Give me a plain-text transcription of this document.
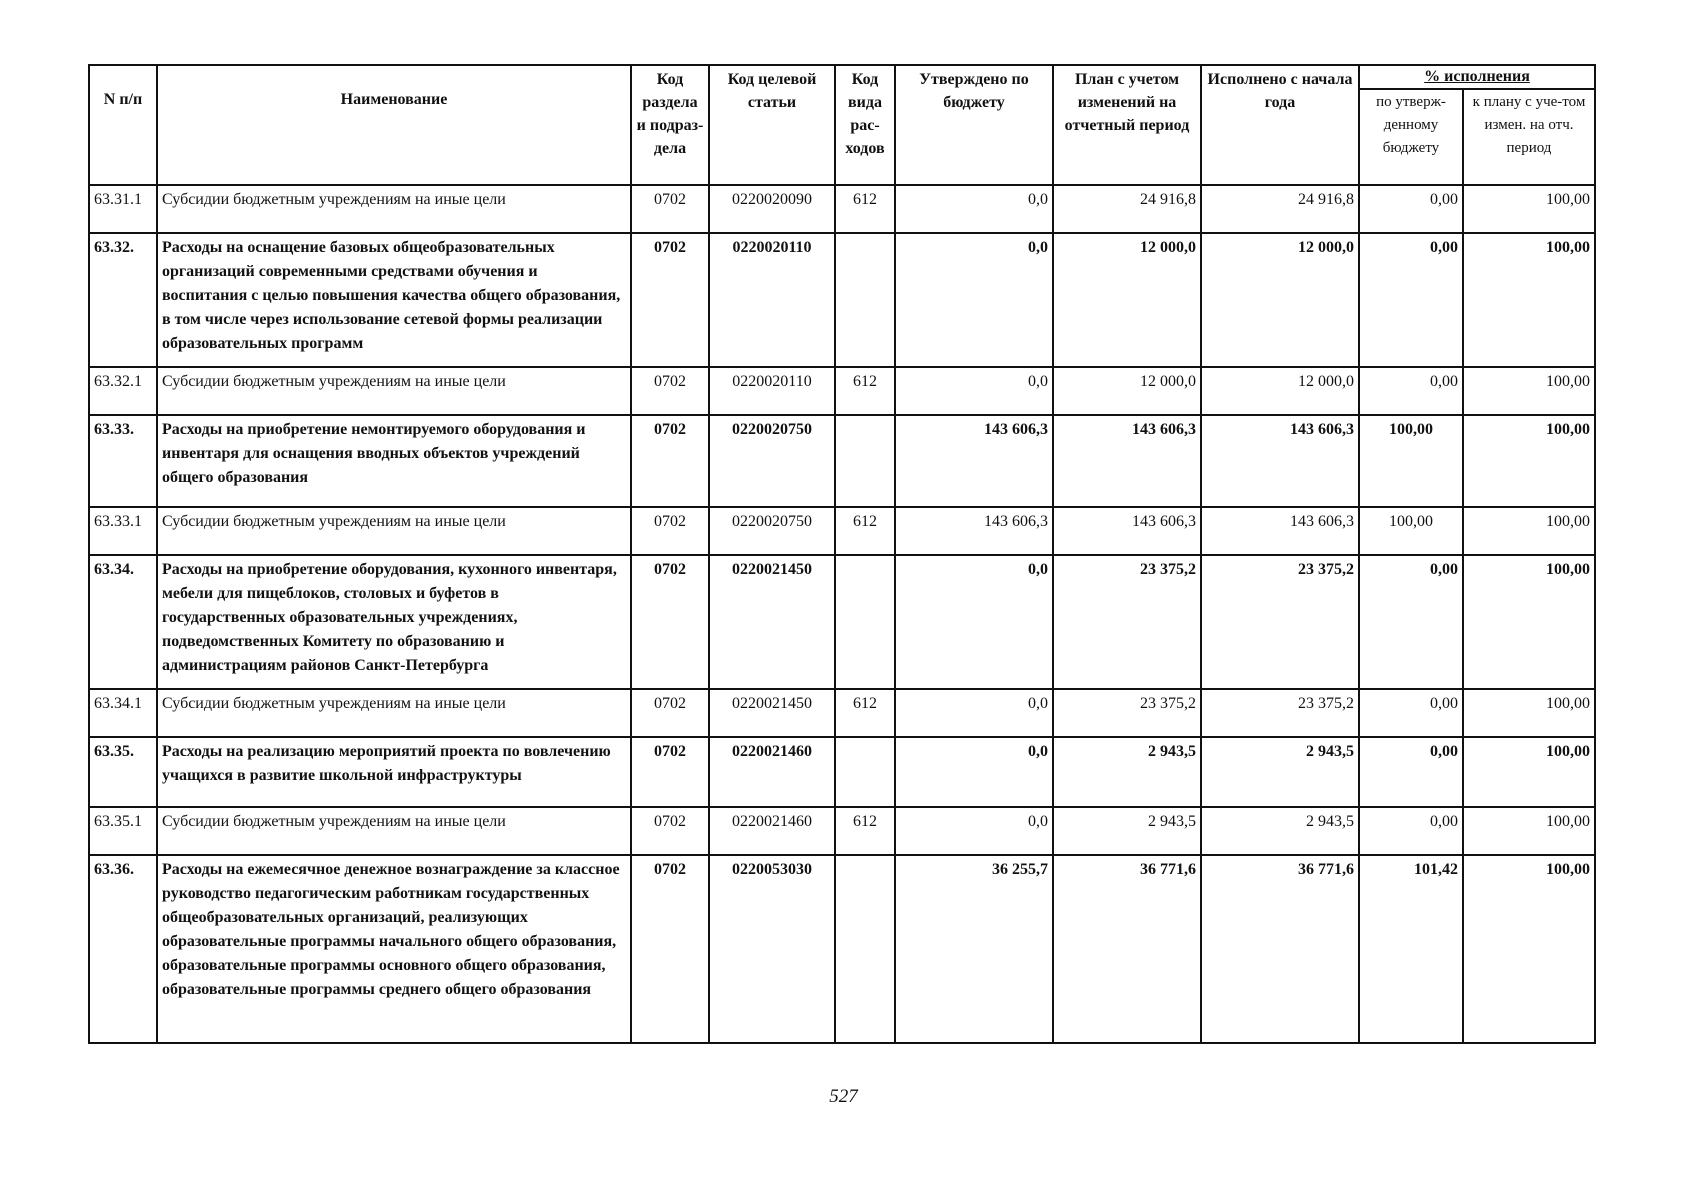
N п/п	Наименование	Код раздела и подраз-дела	Код целевой статьи	Код вида рас-ходов	Утверждено по бюджету	План с учетом изменений на отчетный период	Исполнено с начала года	% исполнения	
								по утверж-денному бюджету	к плану с уче-том измен. на отч. период
63.31.1	Субсидии бюджетным учреждениям на иные цели	0702	0220020090	612	0,0	24 916,8	24 916,8	0,00	100,00
63.32.	Расходы на оснащение базовых общеобразовательных организаций современными средствами обучения и воспитания с целью повышения качества общего образования, в том числе через использование сетевой формы реализации образовательных программ	0702	0220020110		0,0	12 000,0	12 000,0	0,00	100,00
63.32.1	Субсидии бюджетным учреждениям на иные цели	0702	0220020110	612	0,0	12 000,0	12 000,0	0,00	100,00
63.33.	Расходы на приобретение немонтируемого оборудования и инвентаря для оснащения вводных объектов учреждений общего образования	0702	0220020750		143 606,3	143 606,3	143 606,3	100,00	100,00
63.33.1	Субсидии бюджетным учреждениям на иные цели	0702	0220020750	612	143 606,3	143 606,3	143 606,3	100,00	100,00
63.34.	Расходы на приобретение оборудования, кухонного инвентаря, мебели для пищеблоков, столовых и буфетов в государственных образовательных учреждениях, подведомственных Комитету по образованию и администрациям районов Санкт-Петербурга	0702	0220021450		0,0	23 375,2	23 375,2	0,00	100,00
63.34.1	Субсидии бюджетным учреждениям на иные цели	0702	0220021450	612	0,0	23 375,2	23 375,2	0,00	100,00
63.35.	Расходы на реализацию мероприятий проекта по вовлечению учащихся в развитие школьной инфраструктуры	0702	0220021460		0,0	2 943,5	2 943,5	0,00	100,00
63.35.1	Субсидии бюджетным учреждениям на иные цели	0702	0220021460	612	0,0	2 943,5	2 943,5	0,00	100,00
63.36.	Расходы на ежемесячное денежное вознаграждение за классное руководство педагогическим работникам государственных общеобразовательных организаций, реализующих образовательные программы начального общего образования, образовательные программы основного общего образования, образовательные программы среднего общего образования	0702	0220053030		36 255,7	36 771,6	36 771,6	101,42	100,00
527
